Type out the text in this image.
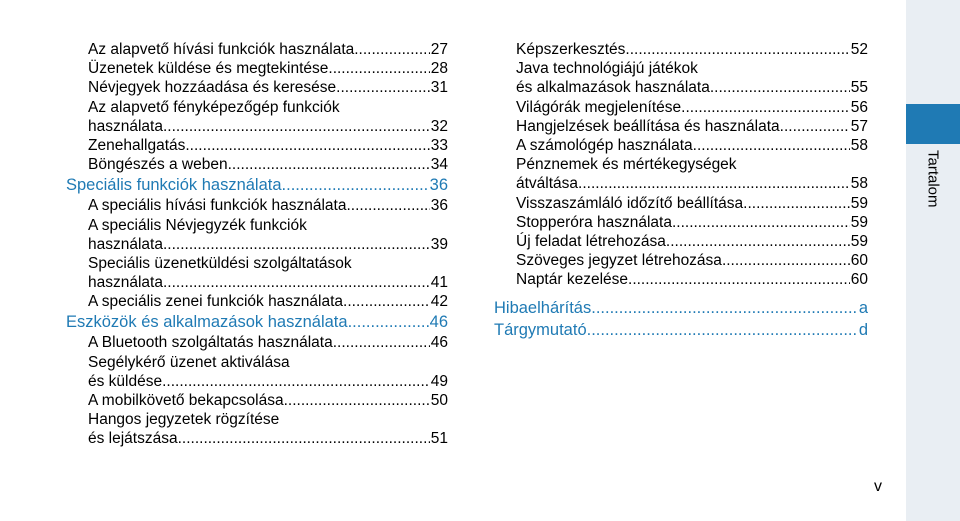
Tartalom
Az alapvető hívási funkciók használata .....	27
Üzenetek küldése és megtekintése .....	28
Névjegyek hozzáadása és keresése .....	31
Az alapvető fényképezőgép funkciók
használata .....	32
Zenehallgatás .....	33
Böngészés a weben .....	34
Speciális funkciók használata .....	36
A speciális hívási funkciók használata .....	36
A speciális Névjegyzék funkciók
használata .....	39
Speciális üzenetküldési szolgáltatások
használata .....	41
A speciális zenei funkciók használata .....	42
Eszközök és alkalmazások használata .....	46
A Bluetooth szolgáltatás használata .....	46
Segélykérő üzenet aktiválása
és küldése .....	49
A mobilkövető bekapcsolása .....	50
Hangos jegyzetek rögzítése
és lejátszása .....	51
Képszerkesztés .....	52
Java technológiájú játékok
és alkalmazások használata .....	55
Világórák megjelenítése .....	56
Hangjelzések beállítása és használata .....	57
A számológép használata .....	58
Pénznemek és mértékegységek
átváltása .....	58
Visszaszámláló időzítő beállítása .....	59
Stopperóra használata .....	59
Új feladat létrehozása .....	59
Szöveges jegyzet létrehozása .....	60
Naptár kezelése .....	60
Hibaelhárítás .....	a
Tárgymutató .....	d
v
